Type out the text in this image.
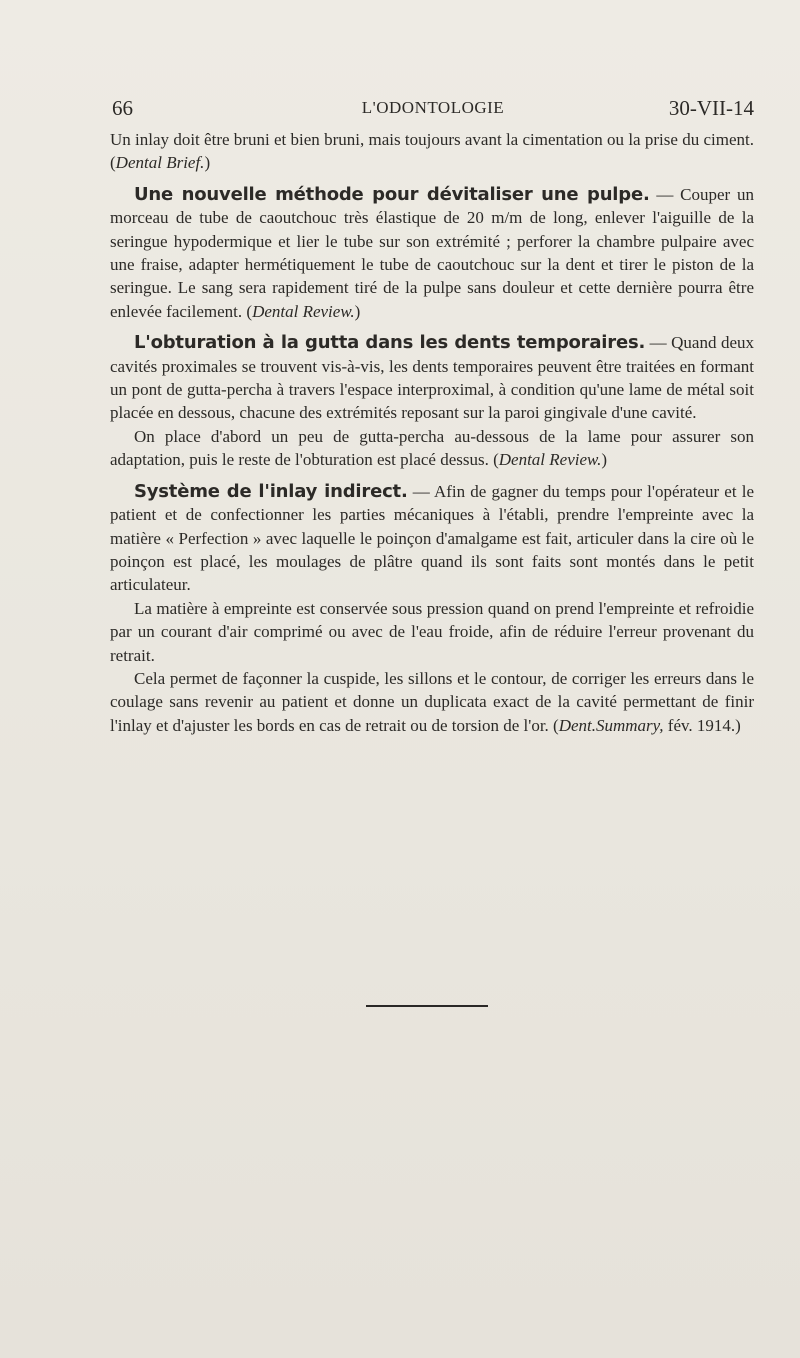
66	L'ODONTOLOGIE	30-VII-14

Un inlay doit être bruni et bien bruni, mais toujours avant la cimentation ou la prise du ciment. (Dental Brief.)

Une nouvelle méthode pour dévitaliser une pulpe. — Couper un morceau de tube de caoutchouc très élastique de 20 m/m de long, enlever l'aiguille de la seringue hypodermique et lier le tube sur son extrémité ; perforer la chambre pulpaire avec une fraise, adapter hermétiquement le tube de caoutchouc sur la dent et tirer le piston de la seringue. Le sang sera rapidement tiré de la pulpe sans douleur et cette dernière pourra être enlevée facilement. (Dental Review.)

L'obturation à la gutta dans les dents temporaires. — Quand deux cavités proximales se trouvent vis-à-vis, les dents temporaires peuvent être traitées en formant un pont de gutta-percha à travers l'espace interproximal, à condition qu'une lame de métal soit placée en dessous, chacune des extrémités reposant sur la paroi gingivale d'une cavité.

On place d'abord un peu de gutta-percha au-dessous de la lame pour assurer son adaptation, puis le reste de l'obturation est placé dessus. (Dental Review.)

Système de l'inlay indirect. — Afin de gagner du temps pour l'opérateur et le patient et de confectionner les parties mécaniques à l'établi, prendre l'empreinte avec la matière « Perfection » avec laquelle le poinçon d'amalgame est fait, articuler dans la cire où le poinçon est placé, les moulages de plâtre quand ils sont faits sont montés dans le petit articulateur.

La matière à empreinte est conservée sous pression quand on prend l'empreinte et refroidie par un courant d'air comprimé ou avec de l'eau froide, afin de réduire l'erreur provenant du retrait.

Cela permet de façonner la cuspide, les sillons et le contour, de corriger les erreurs dans le coulage sans revenir au patient et donne un duplicata exact de la cavité permettant de finir l'inlay et d'ajuster les bords en cas de retrait ou de torsion de l'or. (Dent.Summary, fév. 1914.)
